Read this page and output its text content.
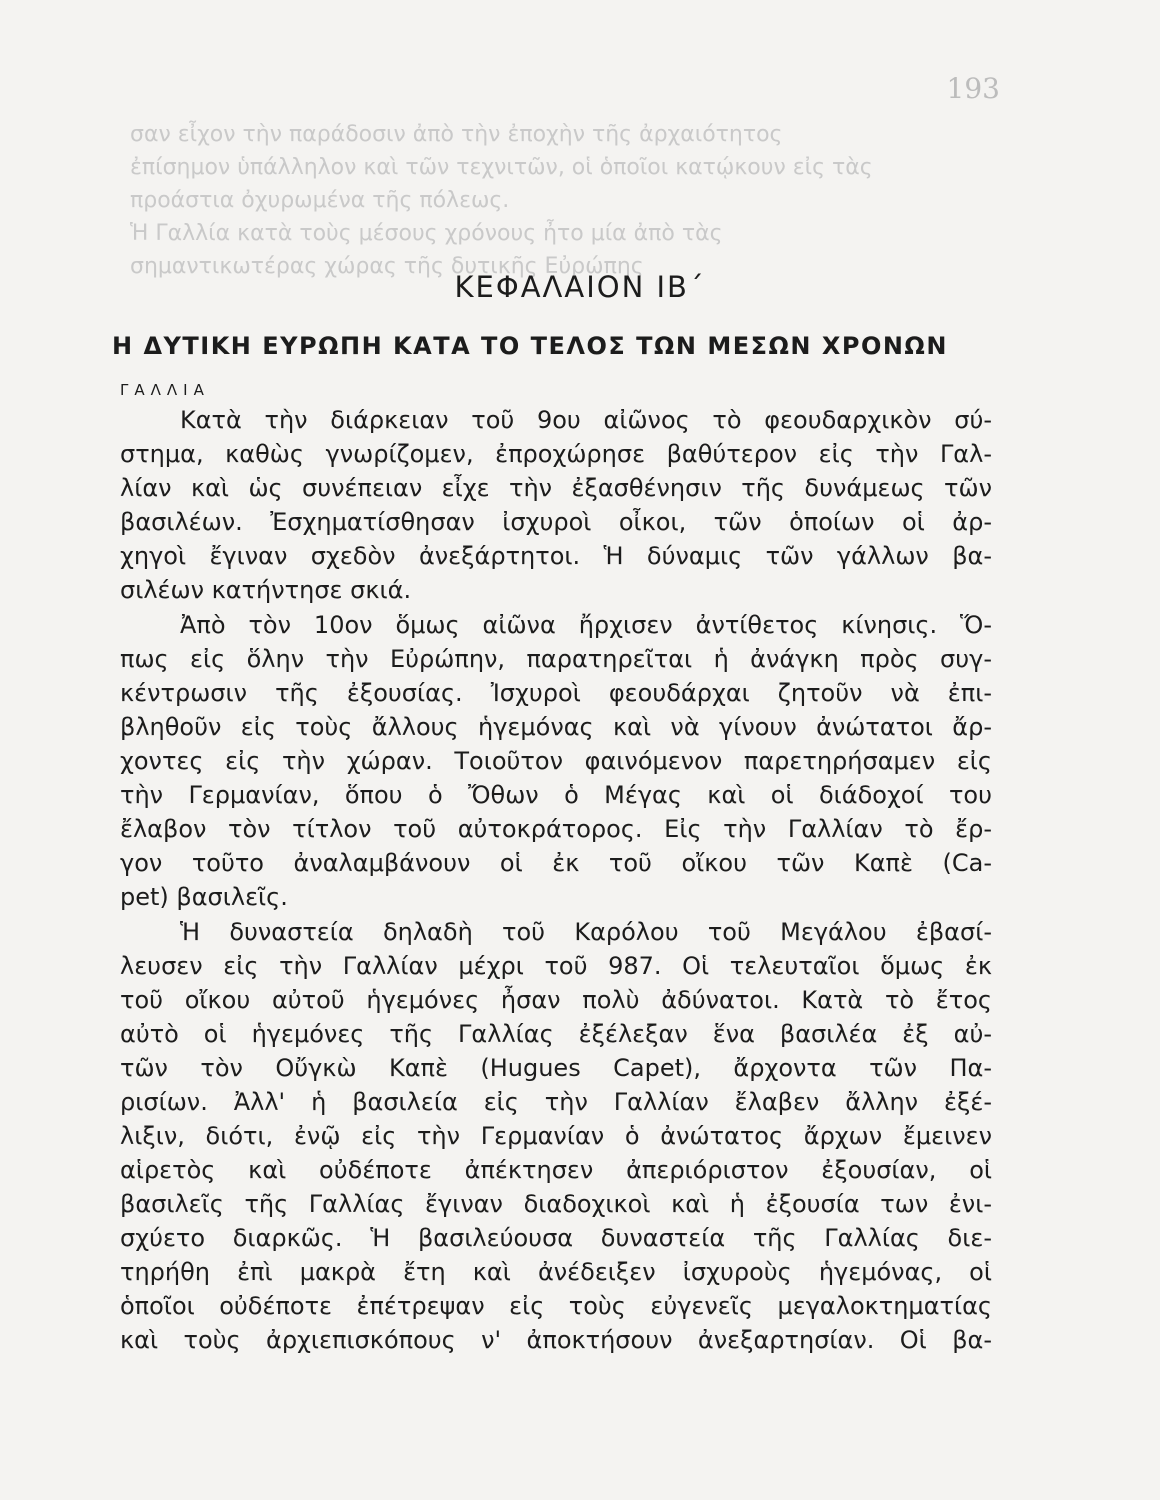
193
σαν εἶχον τὴν παράδοσιν ἀπὸ τὴν ἐποχὴν τῆς ἀρχαιότητος
ἐπίσημον ὑπάλληλον καὶ τῶν τεχνιτῶν, οἱ ὁποῖοι κατῴκουν εἰς τὰς
προάστια ὀχυρωμένα τῆς πόλεως.
Ἡ Γαλλία κατὰ τοὺς μέσους χρόνους ἦτο μία ἀπὸ τὰς
σημαντικωτέρας χώρας τῆς δυτικῆς Εὐρώπης
ΚΕΦΑΛΑΙΟΝ ΙΒ΄
Η ΔΥΤΙΚΗ ΕΥΡΩΠΗ ΚΑΤΑ ΤΟ ΤΕΛΟΣ ΤΩΝ ΜΕΣΩΝ ΧΡΟΝΩΝ
ΓΑΛΛΙΑ
Κατὰ τὴν διάρκειαν τοῦ 9ου αἰῶνος τὸ φεουδαρχικὸν σύ-
στημα, καθὼς γνωρίζομεν, ἐπροχώρησε βαθύτερον εἰς τὴν Γαλ-
λίαν καὶ ὡς συνέπειαν εἶχε τὴν ἐξασθένησιν τῆς δυνάμεως τῶν
βασιλέων. Ἐσχηματίσθησαν ἰσχυροὶ οἶκοι, τῶν ὁποίων οἱ ἀρ-
χηγοὶ ἔγιναν σχεδὸν ἀνεξάρτητοι. Ἡ δύναμις τῶν γάλλων βα-
σιλέων κατήντησε σκιά.
Ἀπὸ τὸν 10ον ὅμως αἰῶνα ἤρχισεν ἀντίθετος κίνησις. Ὅ-
πως εἰς ὅλην τὴν Εὐρώπην, παρατηρεῖται ἡ ἀνάγκη πρὸς συγ-
κέντρωσιν τῆς ἐξουσίας. Ἰσχυροὶ φεουδάρχαι ζητοῦν νὰ ἐπι-
βληθοῦν εἰς τοὺς ἄλλους ἡγεμόνας καὶ νὰ γίνουν ἀνώτατοι ἄρ-
χοντες εἰς τὴν χώραν. Τοιοῦτον φαινόμενον παρετηρήσαμεν εἰς
τὴν Γερμανίαν, ὅπου ὁ Ὄθων ὁ Μέγας καὶ οἱ διάδοχοί του
ἔλαβον τὸν τίτλον τοῦ αὐτοκράτορος. Εἰς τὴν Γαλλίαν τὸ ἔρ-
γον τοῦτο ἀναλαμβάνουν οἱ ἐκ τοῦ οἴκου τῶν Καπὲ (Ca-
pet) βασιλεῖς.
Ἡ δυναστεία δηλαδὴ τοῦ Καρόλου τοῦ Μεγάλου ἐβασί-
λευσεν εἰς τὴν Γαλλίαν μέχρι τοῦ 987. Οἱ τελευταῖοι ὅμως ἐκ
τοῦ οἴκου αὐτοῦ ἡγεμόνες ἦσαν πολὺ ἀδύνατοι. Κατὰ τὸ ἔτος
αὐτὸ οἱ ἡγεμόνες τῆς Γαλλίας ἐξέλεξαν ἕνα βασιλέα ἐξ αὐ-
τῶν τὸν Οὔγκὼ Καπὲ (Hugues Capet), ἄρχοντα τῶν Πα-
ρισίων. Ἀλλ' ἡ βασιλεία εἰς τὴν Γαλλίαν ἔλαβεν ἄλλην ἐξέ-
λιξιν, διότι, ἐνῷ εἰς τὴν Γερμανίαν ὁ ἀνώτατος ἄρχων ἔμεινεν
αἱρετὸς καὶ οὐδέποτε ἀπέκτησεν ἀπεριόριστον ἐξουσίαν, οἱ
βασιλεῖς τῆς Γαλλίας ἔγιναν διαδοχικοὶ καὶ ἡ ἐξουσία των ἐνι-
σχύετο διαρκῶς. Ἡ βασιλεύουσα δυναστεία τῆς Γαλλίας διε-
τηρήθη ἐπὶ μακρὰ ἔτη καὶ ἀνέδειξεν ἰσχυροὺς ἡγεμόνας, οἱ
ὁποῖοι οὐδέποτε ἐπέτρεψαν εἰς τοὺς εὐγενεῖς μεγαλοκτηματίας
καὶ τοὺς ἀρχιεπισκόπους ν' ἀποκτήσουν ἀνεξαρτησίαν. Οἱ βα-
